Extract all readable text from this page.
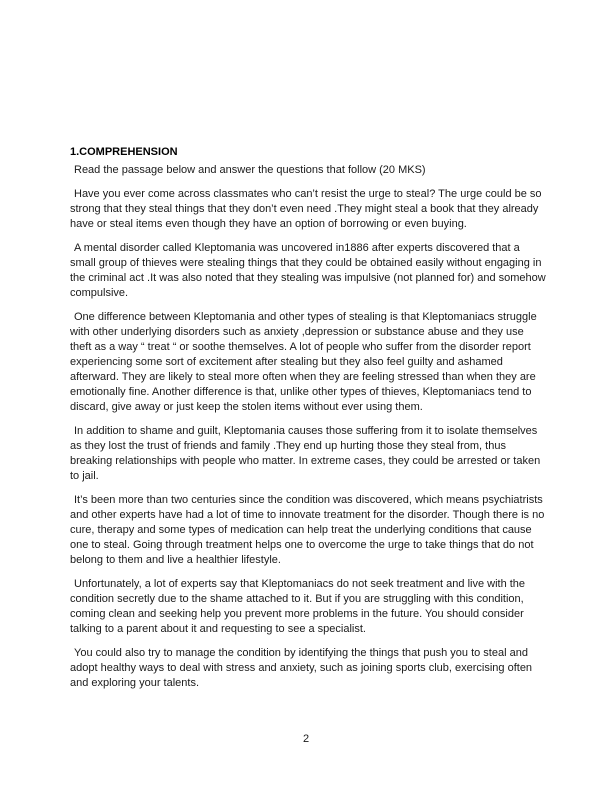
1.COMPREHENSION

Read the passage below and answer the questions that follow (20 MKS)

Have you ever come across classmates who can’t resist the urge to steal? The urge could be so strong that they steal things that they don’t even need .They might steal a book that they already have or steal items even though they have an option of borrowing or even buying.

A mental disorder called Kleptomania was uncovered in1886 after experts discovered that a small group of thieves were stealing things that they could be obtained easily without engaging in the criminal act .It was also noted that they stealing was impulsive (not planned for) and somehow compulsive.

One difference between Kleptomania and other types of stealing is that Kleptomaniacs struggle with other underlying disorders such as anxiety ,depression or substance abuse and they use theft as a way “ treat “ or soothe themselves. A lot of people who suffer from the disorder report experiencing some sort of excitement after stealing but they also feel guilty and ashamed afterward. They are likely to steal more often when they are feeling stressed than when they are emotionally fine. Another difference is that, unlike other types of thieves, Kleptomaniacs tend to discard, give away or just keep the stolen items without ever using them.

In addition to shame and guilt, Kleptomania causes those suffering from it to isolate themselves as they lost the trust of friends and family .They end up hurting those they steal from, thus breaking relationships with people who matter. In extreme cases, they could be arrested or taken to jail.

It’s been more than two centuries since the condition was discovered, which means psychiatrists and other experts have had a lot of time to innovate treatment for the disorder. Though there is no cure, therapy and some types of medication can help treat the underlying conditions that cause one to steal. Going through treatment helps one to overcome the urge to take things that do not belong to them and live a healthier lifestyle.

Unfortunately, a lot of experts say that Kleptomaniacs do not seek treatment and live with the condition secretly due to the shame attached to it. But if you are struggling with this condition, coming clean and seeking help you prevent more problems in the future. You should consider talking to a parent about it and requesting to see a specialist.

You could also try to manage the condition by identifying the things that push you to steal and adopt healthy ways to deal with stress and anxiety, such as joining sports club, exercising often and exploring your talents.

2
